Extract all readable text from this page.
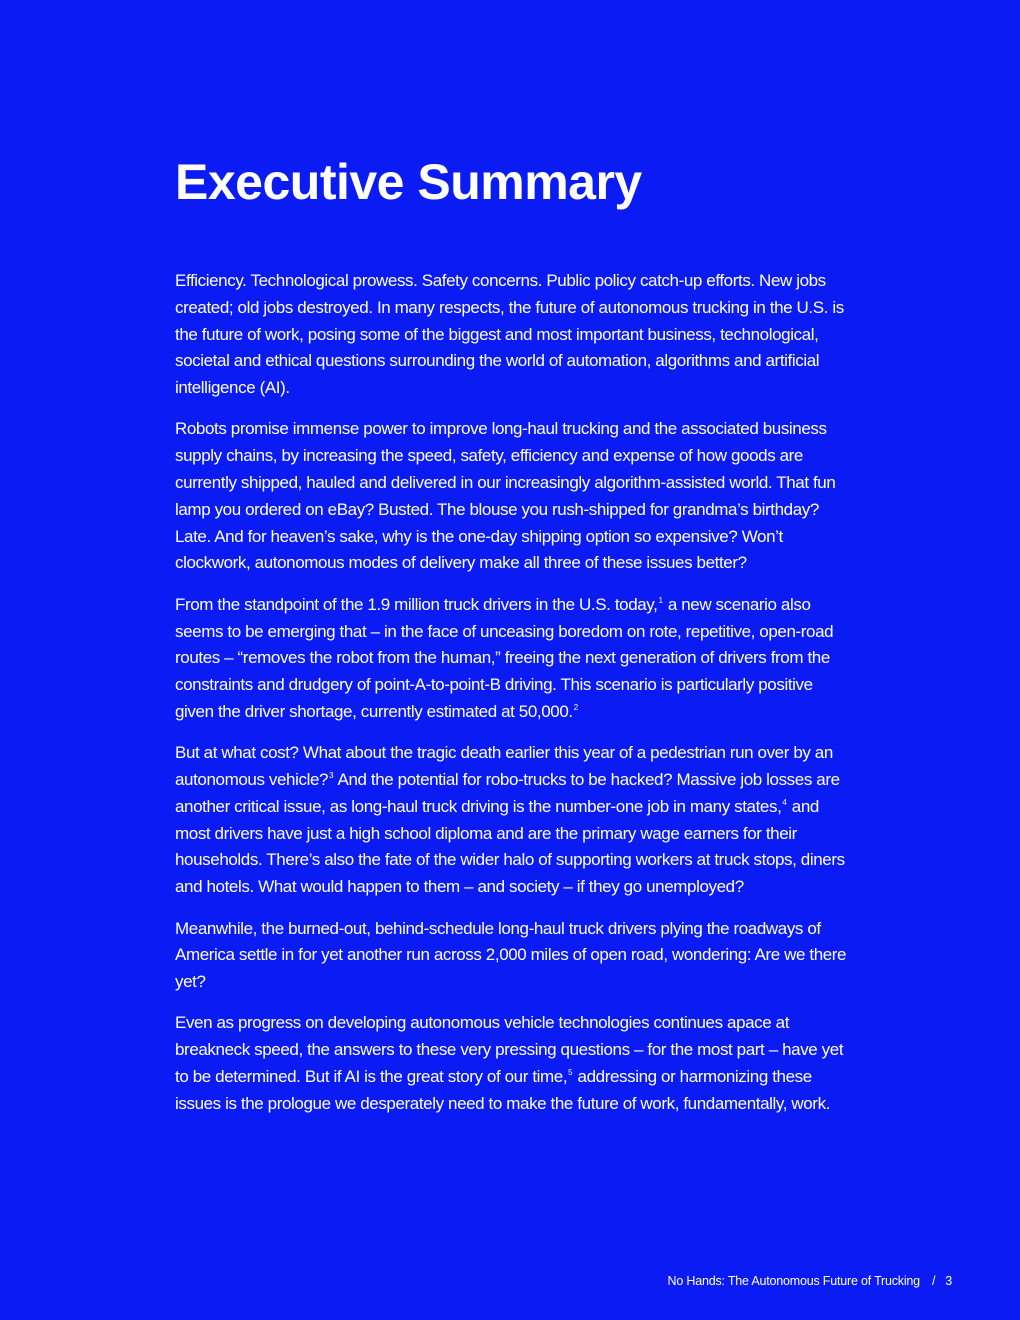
Executive Summary

Efficiency. Technological prowess. Safety concerns. Public policy catch-up efforts. New jobs created; old jobs destroyed. In many respects, the future of autonomous trucking in the U.S. is the future of work, posing some of the biggest and most important business, technological, societal and ethical questions surrounding the world of automation, algorithms and artificial intelligence (AI).

Robots promise immense power to improve long-haul trucking and the associated business supply chains, by increasing the speed, safety, efficiency and expense of how goods are currently shipped, hauled and delivered in our increasingly algorithm-assisted world. That fun lamp you ordered on eBay? Busted. The blouse you rush-shipped for grandma’s birthday? Late. And for heaven’s sake, why is the one-day shipping option so expensive? Won’t clockwork, autonomous modes of delivery make all three of these issues better?

From the standpoint of the 1.9 million truck drivers in the U.S. today,$^1$ a new scenario also seems to be emerging that – in the face of unceasing boredom on rote, repetitive, open-road routes – “removes the robot from the human,” freeing the next generation of drivers from the constraints and drudgery of point-A-to-point-B driving. This scenario is particularly positive given the driver shortage, currently estimated at 50,000.$^2$

But at what cost? What about the tragic death earlier this year of a pedestrian run over by an autonomous vehicle?$^3$ And the potential for robo-trucks to be hacked? Massive job losses are another critical issue, as long-haul truck driving is the number-one job in many states,$^4$ and most drivers have just a high school diploma and are the primary wage earners for their households. There’s also the fate of the wider halo of supporting workers at truck stops, diners and hotels. What would happen to them – and society – if they go unemployed?

Meanwhile, the burned-out, behind-schedule long-haul truck drivers plying the roadways of America settle in for yet another run across 2,000 miles of open road, wondering: Are we there yet?

Even as progress on developing autonomous vehicle technologies continues apace at breakneck speed, the answers to these very pressing questions – for the most part – have yet to be determined. But if AI is the great story of our time,$^5$ addressing or harmonizing these issues is the prologue we desperately need to make the future of work, fundamentally, work.

No Hands: The Autonomous Future of Trucking / 3
